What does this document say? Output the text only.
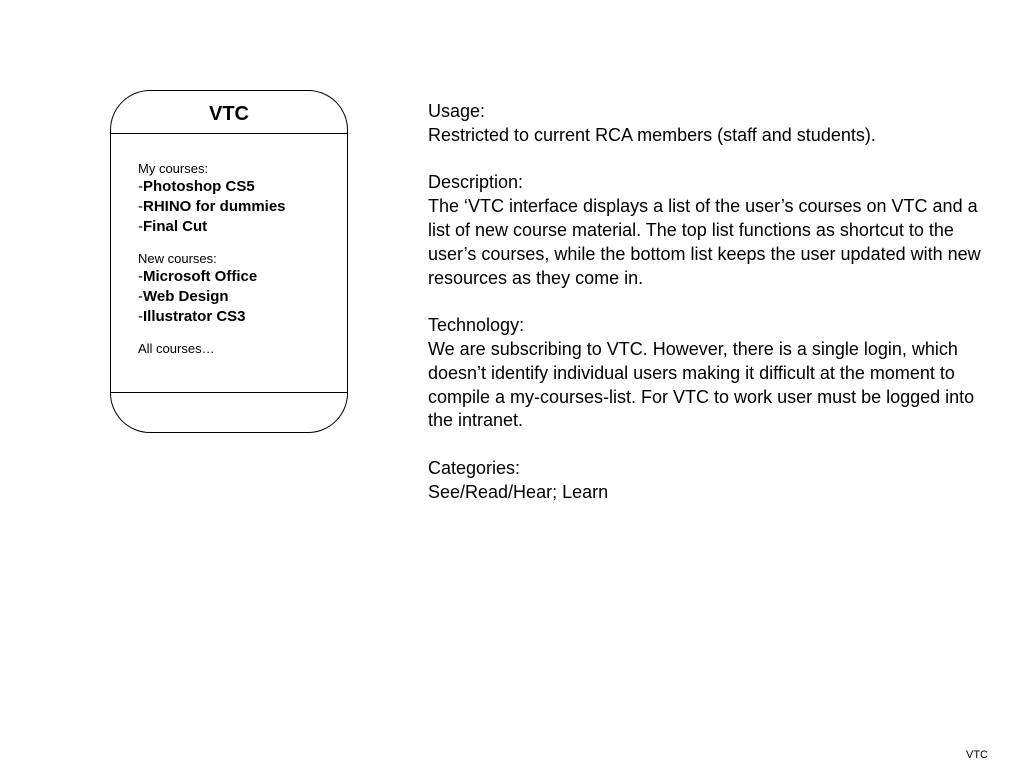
VTC
My courses:
-Photoshop CS5
-RHINO for dummies
-Final Cut
New courses:
-Microsoft Office
-Web Design
-Illustrator CS3
All courses…

Usage:
Restricted to current RCA members (staff and students).

Description:
The ‘VTC interface displays a list of the user’s courses on VTC and a list of new course material. The top list functions as shortcut to the user’s courses, while the bottom list keeps the user updated with new resources as they come in.

Technology:
We are subscribing to VTC. However, there is a single login, which doesn’t identify individual users making it difficult at the moment to compile a my-courses-list. For VTC to work user must be logged into the intranet.

Categories:
See/Read/Hear; Learn

VTC
